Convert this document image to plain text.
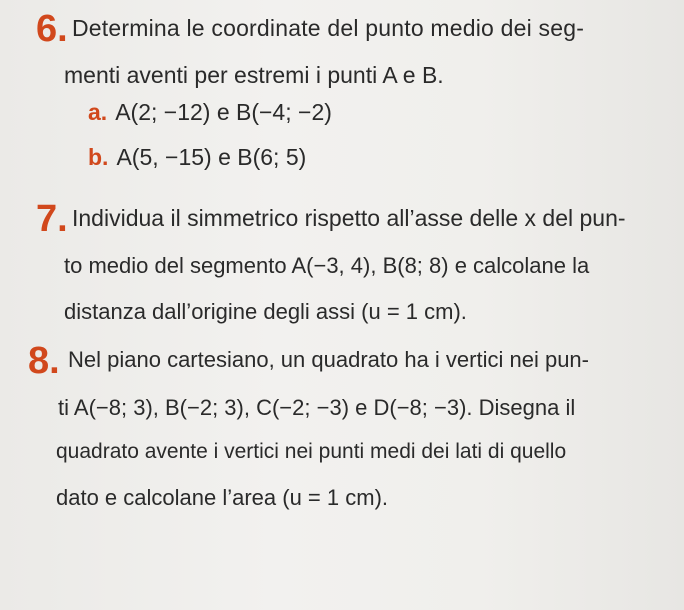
6. Determina le coordinate del punto medio dei seg-
menti aventi per estremi i punti A e B.
a. A(2; −12) e B(−4; −2)
b. A(5, −15) e B(6; 5)
7. Individua il simmetrico rispetto all’asse delle x del pun-
to medio del segmento A(−3, 4), B(8; 8) e calcolane la
distanza dall’origine degli assi (u = 1 cm).
8. Nel piano cartesiano, un quadrato ha i vertici nei pun-
ti A(−8; 3), B(−2; 3), C(−2; −3) e D(−8; −3). Disegna il
quadrato avente i vertici nei punti medi dei lati di quello
dato e calcolane l’area (u = 1 cm).
